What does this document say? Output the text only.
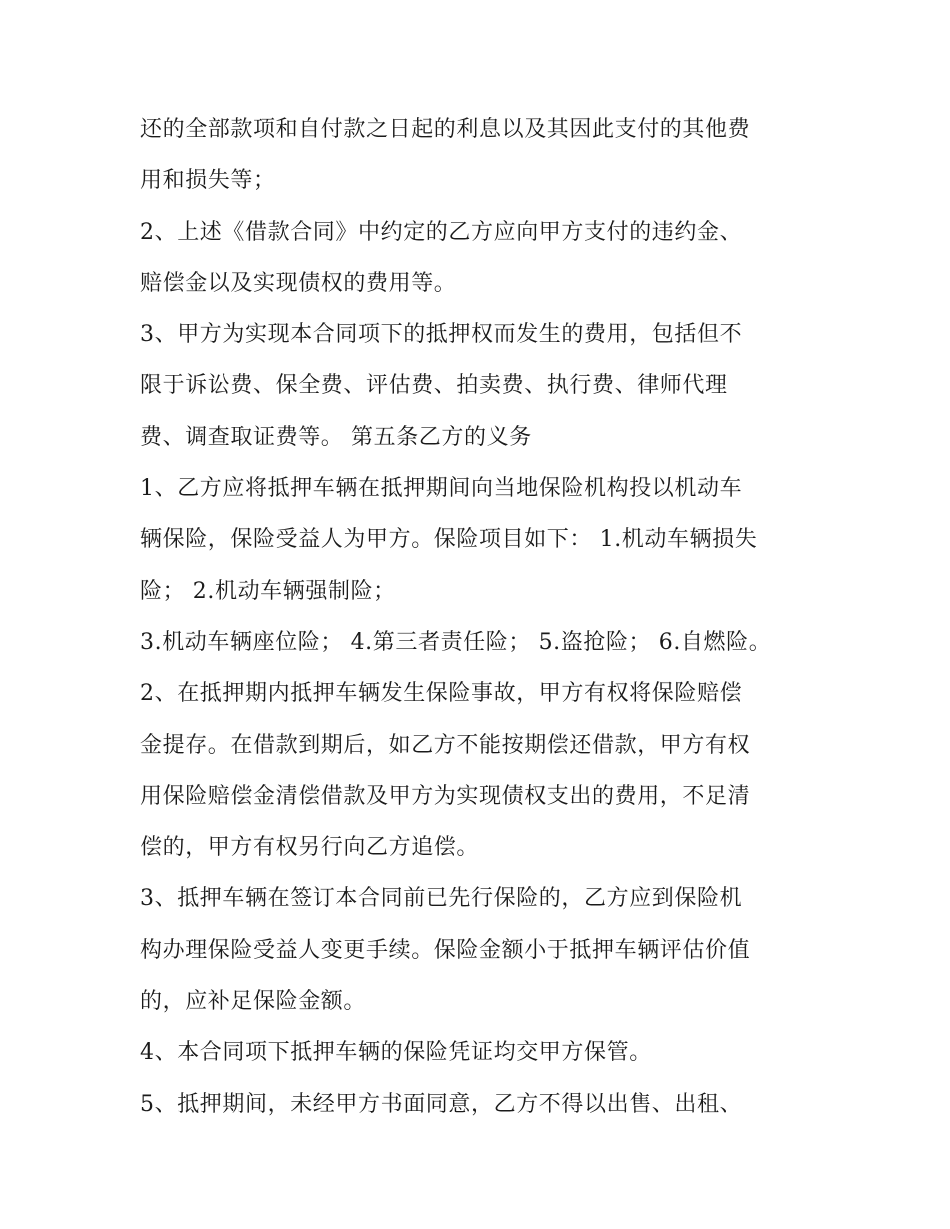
还的全部款项和自付款之日起的利息以及其因此支付的其他费
用和损失等；
2、上述《借款合同》中约定的乙方应向甲方支付的违约金、
赔偿金以及实现债权的费用等。
3、甲方为实现本合同项下的抵押权而发生的费用，包括但不
限于诉讼费、保全费、评估费、拍卖费、执行费、律师代理
费、调查取证费等。 第五条乙方的义务
1、乙方应将抵押车辆在抵押期间向当地保险机构投以机动车
辆保险，保险受益人为甲方。保险项目如下： 1.机动车辆损失
险； 2.机动车辆强制险；
3.机动车辆座位险； 4.第三者责任险； 5.盗抢险； 6.自燃险。
2、在抵押期内抵押车辆发生保险事故，甲方有权将保险赔偿
金提存。在借款到期后，如乙方不能按期偿还借款，甲方有权
用保险赔偿金清偿借款及甲方为实现债权支出的费用，不足清
偿的，甲方有权另行向乙方追偿。
3、抵押车辆在签订本合同前已先行保险的，乙方应到保险机
构办理保险受益人变更手续。保险金额小于抵押车辆评估价值
的，应补足保险金额。
4、本合同项下抵押车辆的保险凭证均交甲方保管。
5、抵押期间，未经甲方书面同意，乙方不得以出售、出租、
